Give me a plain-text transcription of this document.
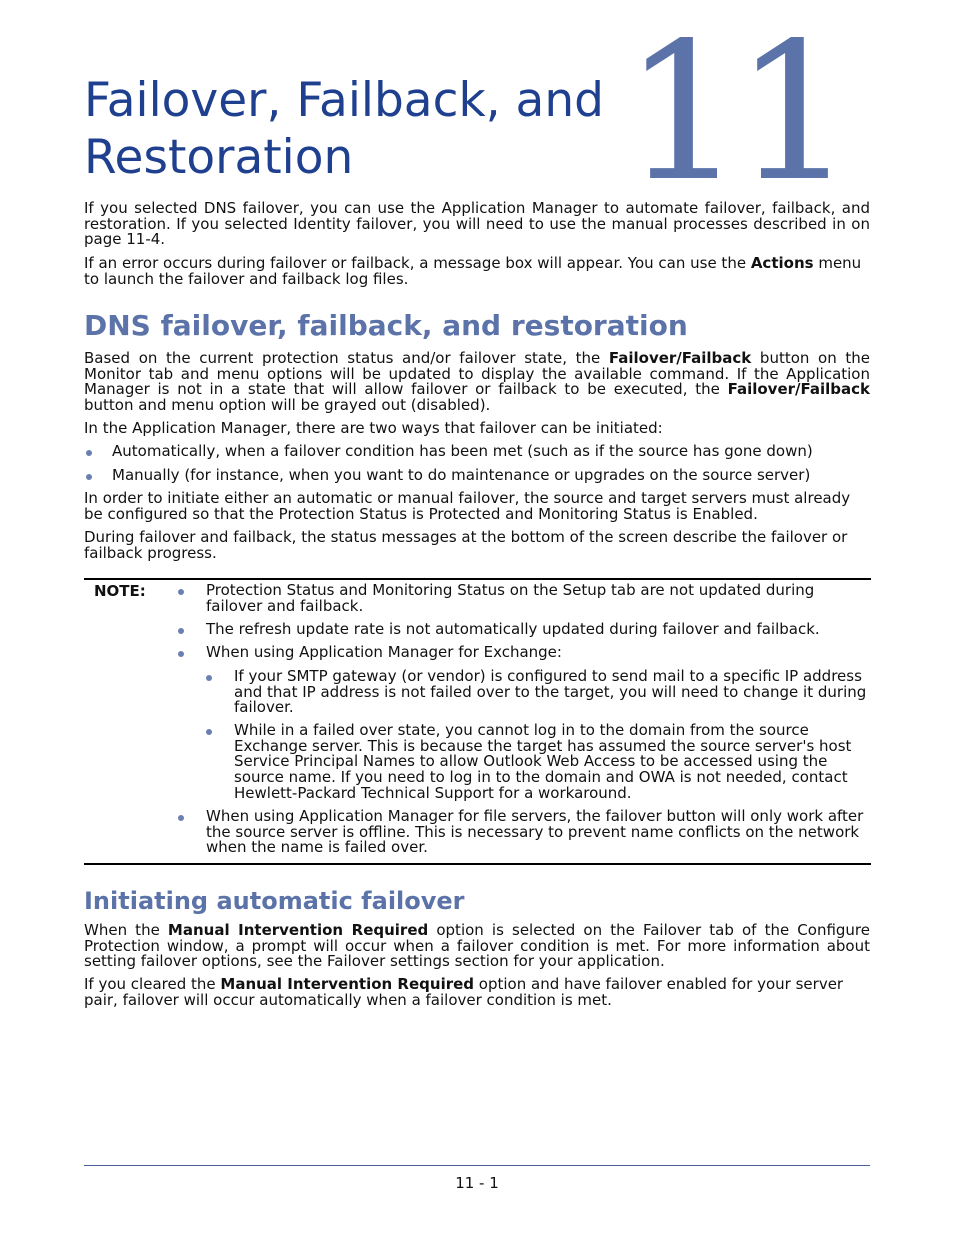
Failover, Failback, and
Restoration	11

If you selected DNS failover, you can use the Application Manager to automate failover, failback, and restoration. If you selected Identity failover, you will need to use the manual processes described in on page 11-4.

If an error occurs during failover or failback, a message box will appear. You can use the Actions menu to launch the failover and failback log files.

DNS failover, failback, and restoration

Based on the current protection status and/or failover state, the Failover/Failback button on the Monitor tab and menu options will be updated to display the available command. If the Application Manager is not in a state that will allow failover or failback to be executed, the Failover/Failback button and menu option will be grayed out (disabled).

In the Application Manager, there are two ways that failover can be initiated:

Automatically, when a failover condition has been met (such as if the source has gone down)
Manually (for instance, when you want to do maintenance or upgrades on the source server)

In order to initiate either an automatic or manual failover, the source and target servers must already be configured so that the Protection Status is Protected and Monitoring Status is Enabled.

During failover and failback, the status messages at the bottom of the screen describe the failover or failback progress.

NOTE:	Protection Status and Monitoring Status on the Setup tab are not updated during failover and failback.
The refresh update rate is not automatically updated during failover and failback.
When using Application Manager for Exchange:
If your SMTP gateway (or vendor) is configured to send mail to a specific IP address and that IP address is not failed over to the target, you will need to change it during failover.
While in a failed over state, you cannot log in to the domain from the source Exchange server. This is because the target has assumed the source server's host Service Principal Names to allow Outlook Web Access to be accessed using the source name. If you need to log in to the domain and OWA is not needed, contact Hewlett-Packard Technical Support for a workaround.
When using Application Manager for file servers, the failover button will only work after the source server is offline. This is necessary to prevent name conflicts on the network when the name is failed over.
Initiating automatic failover

When the Manual Intervention Required option is selected on the Failover tab of the Configure Protection window, a prompt will occur when a failover condition is met. For more information about setting failover options, see the Failover settings section for your application.

If you cleared the Manual Intervention Required option and have failover enabled for your server pair, failover will occur automatically when a failover condition is met.

11 - 1
